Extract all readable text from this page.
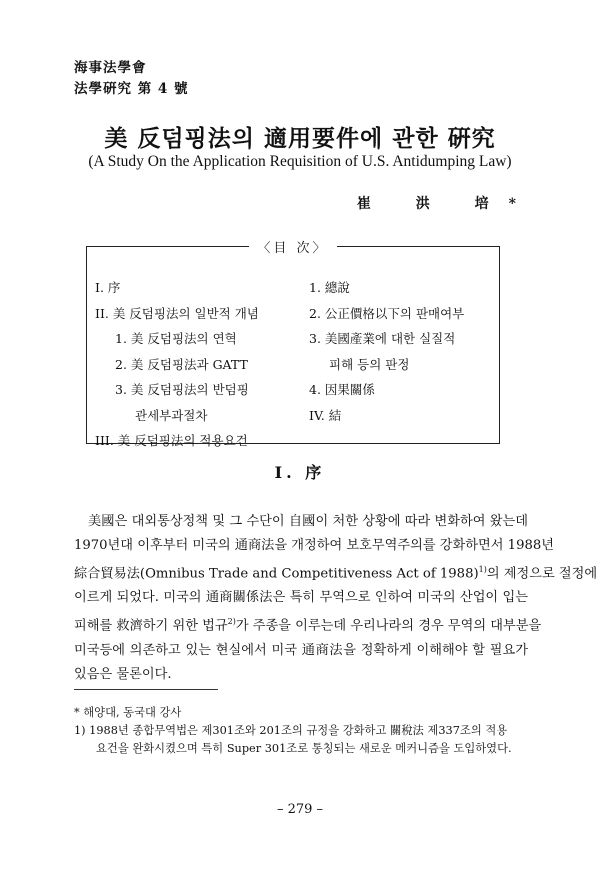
海事法學會
法學硏究 第 4 號
美 反덤핑法의 適用要件에 관한 硏究
(A Study On the Application Requisition of U.S. Antidumping Law)
崔 洪 培*
〈目 次〉
I. 序
II. 美 反덤핑法의 일반적 개념
1. 美 反덤핑法의 연혁
2. 美 反덤핑法과 GATT
3. 美 反덤핑法의 반덤핑
관세부과절차
III. 美 反덤핑法의 적용요건
1. 總說
2. 公正價格以下의 판매여부
3. 美國產業에 대한 실질적
피해 등의 판정
4. 因果關係
IV. 結
I. 序
美國은 대외통상정책 및 그 수단이 自國이 처한 상황에 따라 변화하여 왔는데
1970년대 이후부터 미국의 通商法을 개정하여 보호무역주의를 강화하면서 1988년
綜合貿易法(Omnibus Trade and Competitiveness Act of 1988)$^{1)}$의 제정으로 절정에
이르게 되었다. 미국의 通商關係法은 특히 무역으로 인하여 미국의 산업이 입는
피해를 救濟하기 위한 법규$^{2)}$가 주종을 이루는데 우리나라의 경우 무역의 대부분을
미국등에 의존하고 있는 현실에서 미국 通商法을 정확하게 이해해야 할 필요가
있음은 물론이다.
* 해양대, 동국대 강사
1) 1988년 종합무역법은 제301조와 201조의 규정을 강화하고 關稅法 제337조의 적용
요건을 완화시켰으며 특히 Super 301조로 통칭되는 새로운 메커니즘을 도입하였다.
– 279 –
